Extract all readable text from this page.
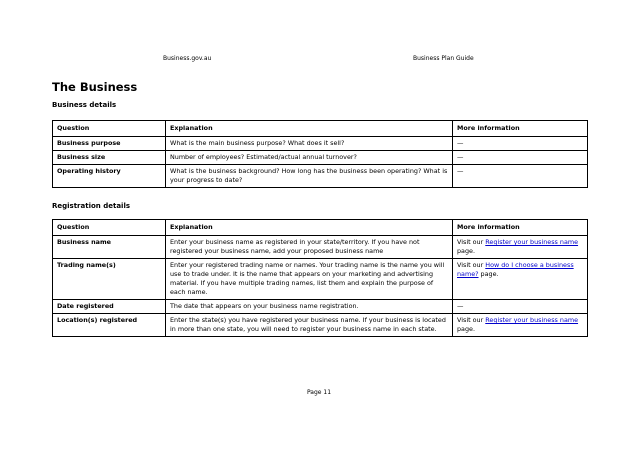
Business.gov.au	Business Plan Guide
The Business
Business details
Question	Explanation	More information
Business purpose	What is the main business purpose? What does it sell?	—
Business size	Number of employees? Estimated/actual annual turnover?	—
Operating history	What is the business background? How long has the business been operating? What is your progress to date?	—
Registration details
Question	Explanation	More information
Business name	Enter your business name as registered in your state/territory. If you have not registered your business name, add your proposed business name	Visit our Register your business name page.
Trading name(s)	Enter your registered trading name or names. Your trading name is the name you will use to trade under. It is the name that appears on your marketing and advertising material. If you have multiple trading names, list them and explain the purpose of each name.	Visit our How do I choose a business name? page.
Date registered	The date that appears on your business name registration.	—
Location(s) registered	Enter the state(s) you have registered your business name. If your business is located in more than one state, you will need to register your business name in each state.	Visit our Register your business name page.
Page 11
